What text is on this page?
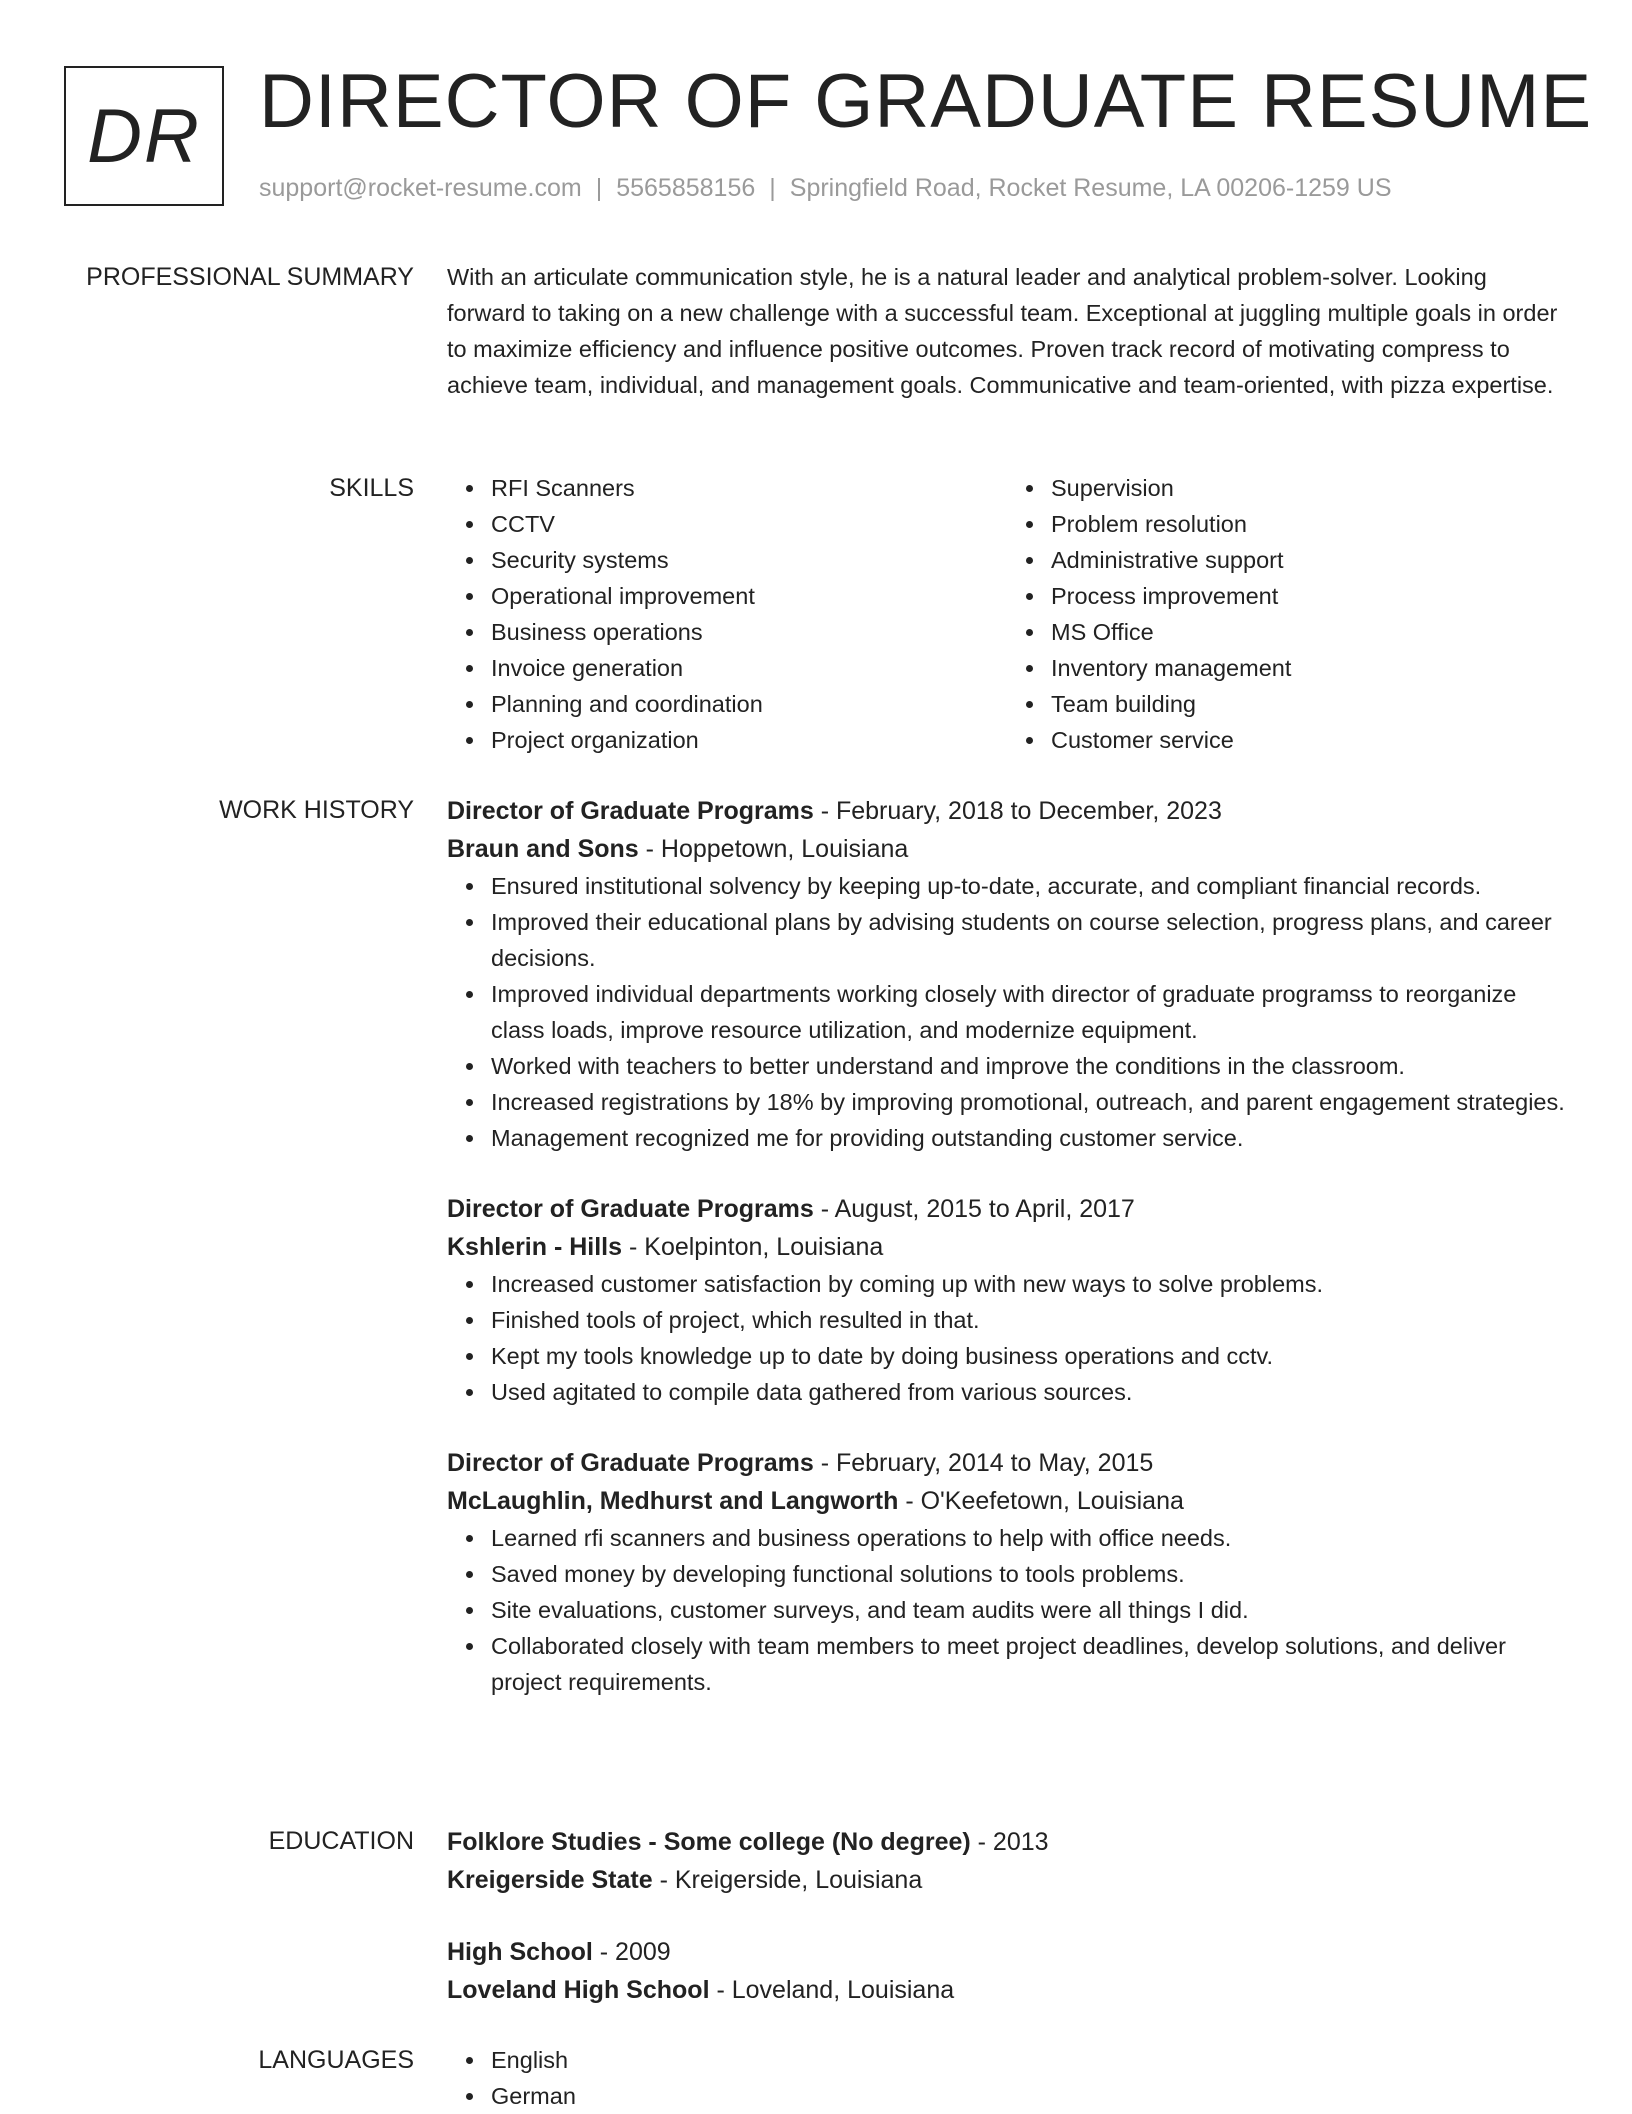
DR DIRECTOR OF GRADUATE RESUME
support@rocket-resume.com | 5565858156 | Springfield Road, Rocket Resume, LA 00206-1259 US
PROFESSIONAL SUMMARY With an articulate communication style, he is a natural leader and analytical problem-solver. Looking forward to taking on a new challenge with a successful team. Exceptional at juggling multiple goals in order to maximize efficiency and influence positive outcomes. Proven track record of motivating compress to achieve team, individual, and management goals. Communicative and team-oriented, with pizza expertise.

SKILLS	RFI Scanners
CCTV
Security systems
Operational improvement
Business operations
Invoice generation
Planning and coordination
Project organization
Supervision
Problem resolution
Administrative support
Process improvement
MS Office
Inventory management
Team building
Customer service
WORK HISTORY Director of Graduate Programs - February, 2018 to December, 2023
Braun and Sons - Hoppetown, Louisiana
Ensured institutional solvency by keeping up-to-date, accurate, and compliant financial records.
Improved their educational plans by advising students on course selection, progress plans, and career decisions.
Improved individual departments working closely with director of graduate programss to reorganize class loads, improve resource utilization, and modernize equipment.
Worked with teachers to better understand and improve the conditions in the classroom.
Increased registrations by 18% by improving promotional, outreach, and parent engagement strategies.
Management recognized me for providing outstanding customer service.
Director of Graduate Programs - August, 2015 to April, 2017
Kshlerin - Hills - Koelpinton, Louisiana
Increased customer satisfaction by coming up with new ways to solve problems.
Finished tools of project, which resulted in that.
Kept my tools knowledge up to date by doing business operations and cctv.
Used agitated to compile data gathered from various sources.
Director of Graduate Programs - February, 2014 to May, 2015
McLaughlin, Medhurst and Langworth - O'Keefetown, Louisiana
Learned rfi scanners and business operations to help with office needs.
Saved money by developing functional solutions to tools problems.
Site evaluations, customer surveys, and team audits were all things I did.
Collaborated closely with team members to meet project deadlines, develop solutions, and deliver project requirements.
EDUCATION Folklore Studies - Some college (No degree) - 2013
Kreigerside State - Kreigerside, Louisiana
High School - 2009
Loveland High School - Loveland, Louisiana
LANGUAGES	English
German
